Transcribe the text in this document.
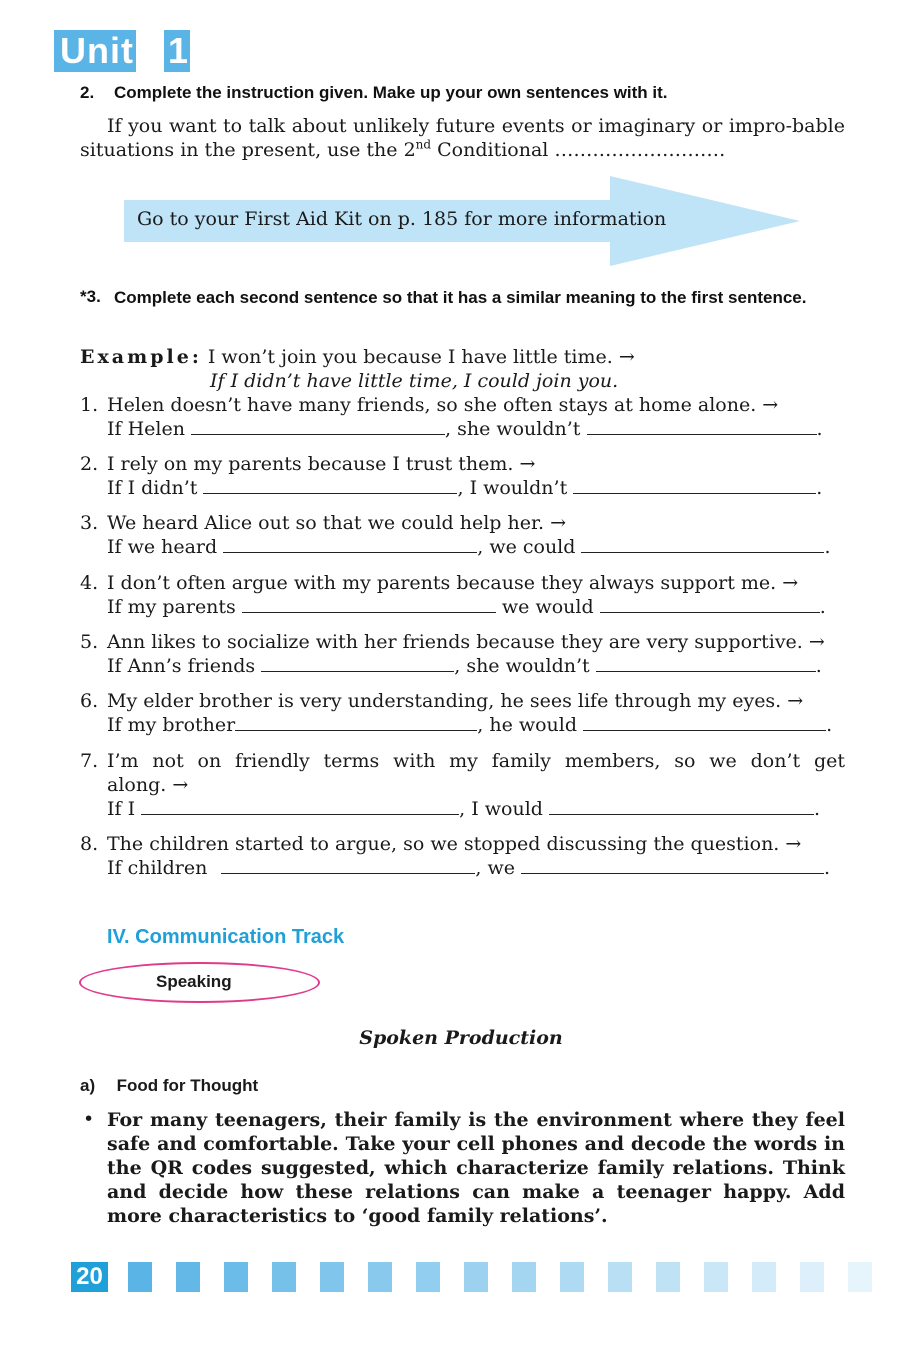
Unit 1
2. Complete the instruction given. Make up your own sentences with it.
If you want to talk about unlikely future events or imaginary or impro-bable situations in the present, use the 2nd Conditional ………………………
Go to your First Aid Kit on p. 185 for more information
*3. Complete each second sentence so that it has a similar meaning to the first sentence.
Example: I won’t join you because I have little time. →
If I didn’t have little time, I could join you.
1. Helen doesn’t have many friends, so she often stays at home alone. →
If Helen	, she wouldn’t	.
2. I rely on my parents because I trust them. →
If I didn’t	, I wouldn’t	.
3. We heard Alice out so that we could help her. →
If we heard	, we could	.
4. I don’t often argue with my parents because they always support me. →
If my parents	we would	.
5. Ann likes to socialize with her friends because they are very supportive. →
If Ann’s friends	, she wouldn’t	.
6. My elder brother is very understanding, he sees life through my eyes. →
If my brother	, he would	.
7. I’m not on friendly terms with my family members, so we don’t get
along. →
If I	, I would	.
8. The children started to argue, so we stopped discussing the question. →
If children	, we	.
IV. Communication Track
Speaking
Spoken Production
a) Food for Thought
• For many teenagers, their family is the environment where they feel safe and comfortable. Take your cell phones and decode the words in the QR codes suggested, which characterize family relations. Think and decide how these relations can make a teenager happy. Add more characteristics to ‘good family relations’.
20
